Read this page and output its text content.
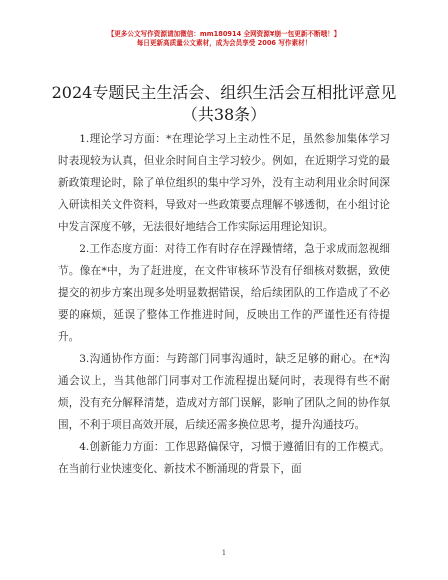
【更多公文写作资源请加微信：mm180914 全网资源¥崩一包更新不断哦！】
每日更新高质量公文素材，成为会员享受 2006 写作素材！
2024专题民主生活会、组织生活会互相批评意见（共38条）

1.理论学习方面：*在理论学习上主动性不足，虽然参加集体学习时表现较为认真，但业余时间自主学习较少。例如，在近期学习党的最新政策理论时，除了单位组织的集中学习外，没有主动利用业余时间深入研读相关文件资料，导致对一些政策要点理解不够透彻，在小组讨论中发言深度不够，无法很好地结合工作实际运用理论知识。

2.工作态度方面：对待工作有时存在浮躁情绪，急于求成而忽视细节。像在*中，为了赶进度，在文件审核环节没有仔细核对数据，致使提交的初步方案出现多处明显数据错误，给后续团队的工作造成了不必要的麻烦，延误了整体工作推进时间，反映出工作的严谨性还有待提升。

3.沟通协作方面：与跨部门同事沟通时，缺乏足够的耐心。在*沟通会议上，当其他部门同事对工作流程提出疑问时，表现得有些不耐烦，没有充分解释清楚，造成对方部门误解，影响了团队之间的协作氛围，不利于项目高效开展，后续还需多换位思考，提升沟通技巧。

4.创新能力方面：工作思路偏保守，习惯于遵循旧有的工作模式。在当前行业快速变化、新技术不断涌现的背景下，面

1
